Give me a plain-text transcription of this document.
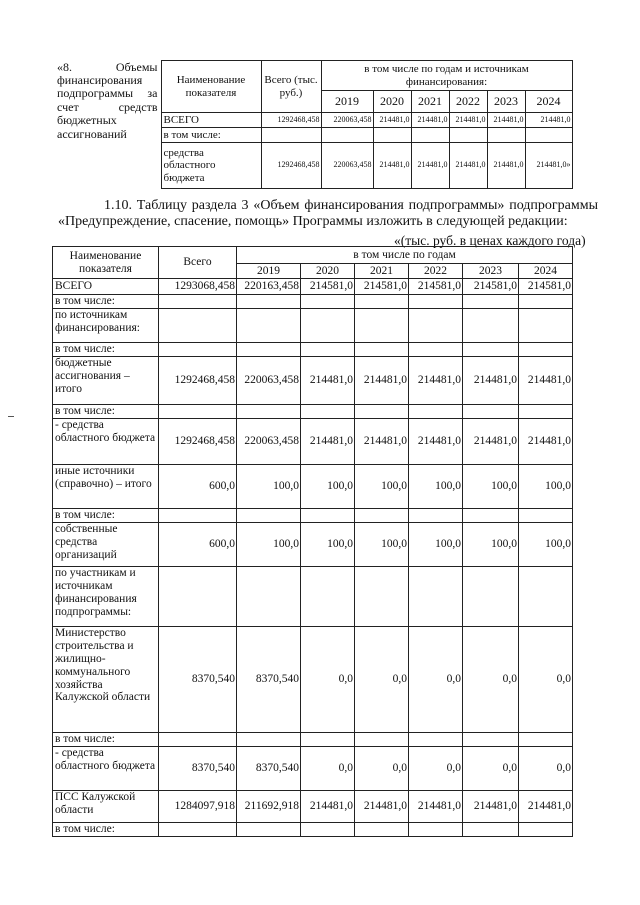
«8. Объемы финансирования подпрограммы за счет средств бюджетных ассигнований	Наименование показателя	Всего (тыс. руб.)	в том числе по годам и источникам финансирования:					
			2019	2020	2021	2022	2023	2024
	ВСЕГО	1292468,458	220063,458	214481,0	214481,0	214481,0	214481,0	214481,0
	в том числе:							
	средства областного бюджета	1292468,458	220063,458	214481,0	214481,0	214481,0	214481,0	214481,0»
1.10. Таблицу раздела 3 «Объем финансирования подпрограммы» подпрограммы
«Предупреждение, спасение, помощь» Программы изложить в следующей редакции:
«(тыс. руб. в ценах каждого года)
Наименование показателя	Всего	в том числе по годам					
		2019	2020	2021	2022	2023	2024
ВСЕГО	1293068,458	220163,458	214581,0	214581,0	214581,0	214581,0	214581,0
в том числе:							
по источникам финансирования:							
в том числе:							
бюджетные ассигнования – итого	1292468,458	220063,458	214481,0	214481,0	214481,0	214481,0	214481,0
в том числе:							
- средства областного бюджета	1292468,458	220063,458	214481,0	214481,0	214481,0	214481,0	214481,0
иные источники (справочно) – итого	600,0	100,0	100,0	100,0	100,0	100,0	100,0
в том числе:							
собственные средства организаций	600,0	100,0	100,0	100,0	100,0	100,0	100,0
по участникам и источникам финансирования подпрограммы:							
Министерство строительства и жилищно-коммунального хозяйства Калужской области	8370,540	8370,540	0,0	0,0	0,0	0,0	0,0
в том числе:							
- средства областного бюджета	8370,540	8370,540	0,0	0,0	0,0	0,0	0,0
ПСС Калужской области	1284097,918	211692,918	214481,0	214481,0	214481,0	214481,0	214481,0
в том числе:							
